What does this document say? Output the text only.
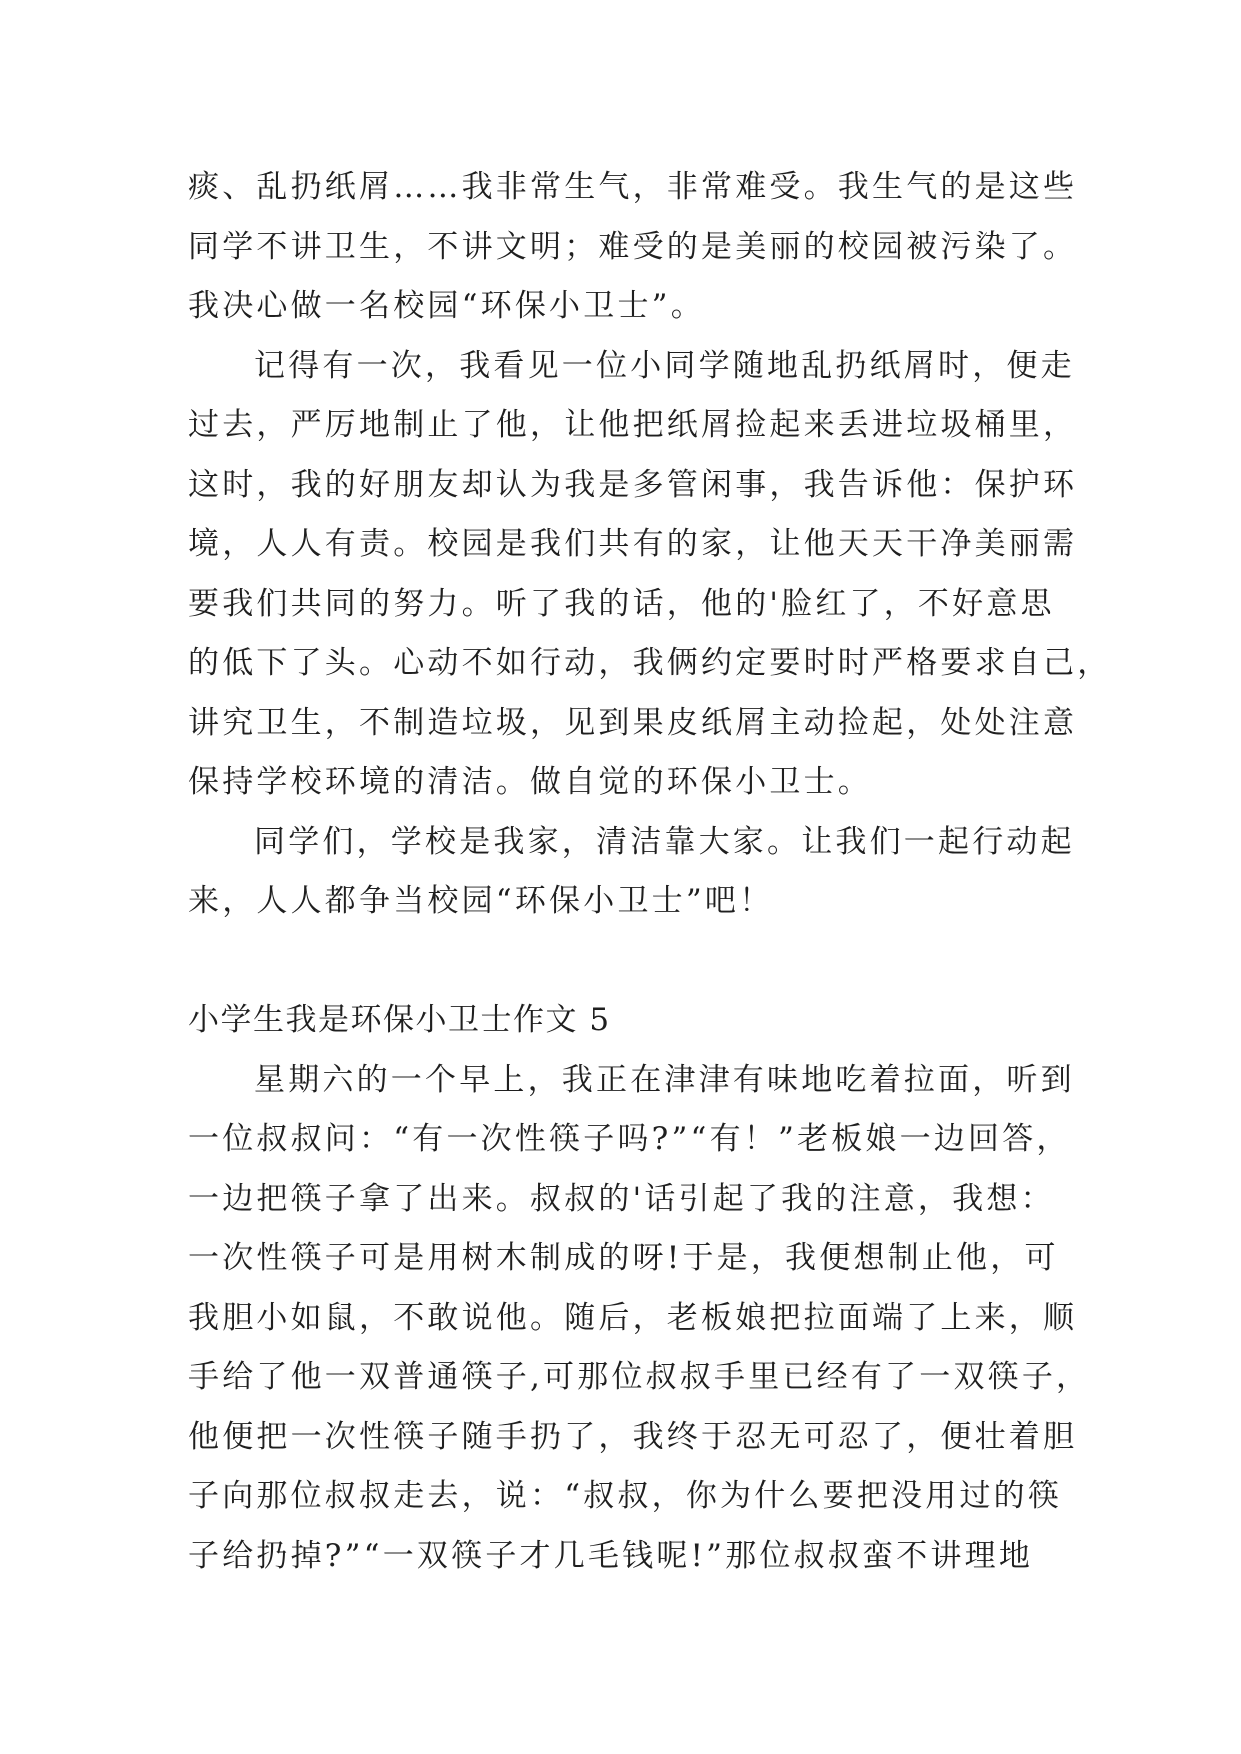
痰、乱扔纸屑……我非常生气，非常难受。我生气的是这些
同学不讲卫生，不讲文明；难受的是美丽的校园被污染了。
我决心做一名校园“环保小卫士”。
记得有一次，我看见一位小同学随地乱扔纸屑时，便走
过去，严厉地制止了他，让他把纸屑捡起来丢进垃圾桶里，
这时，我的好朋友却认为我是多管闲事，我告诉他：保护环
境，人人有责。校园是我们共有的家，让他天天干净美丽需
要我们共同的努力。听了我的话，他的'脸红了，不好意思
的低下了头。心动不如行动，我俩约定要时时严格要求自己，
讲究卫生，不制造垃圾，见到果皮纸屑主动捡起，处处注意
保持学校环境的清洁。做自觉的环保小卫士。
同学们，学校是我家，清洁靠大家。让我们一起行动起
来，人人都争当校园“环保小卫士”吧！
小学生我是环保小卫士作文 5
星期六的一个早上，我正在津津有味地吃着拉面，听到
一位叔叔问：“有一次性筷子吗?”“有！”老板娘一边回答，
一边把筷子拿了出来。叔叔的'话引起了我的注意，我想：
一次性筷子可是用树木制成的呀!于是，我便想制止他，可
我胆小如鼠，不敢说他。随后，老板娘把拉面端了上来，顺
手给了他一双普通筷子,可那位叔叔手里已经有了一双筷子，
他便把一次性筷子随手扔了，我终于忍无可忍了，便壮着胆
子向那位叔叔走去，说：“叔叔，你为什么要把没用过的筷
子给扔掉?”“一双筷子才几毛钱呢!”那位叔叔蛮不讲理地
